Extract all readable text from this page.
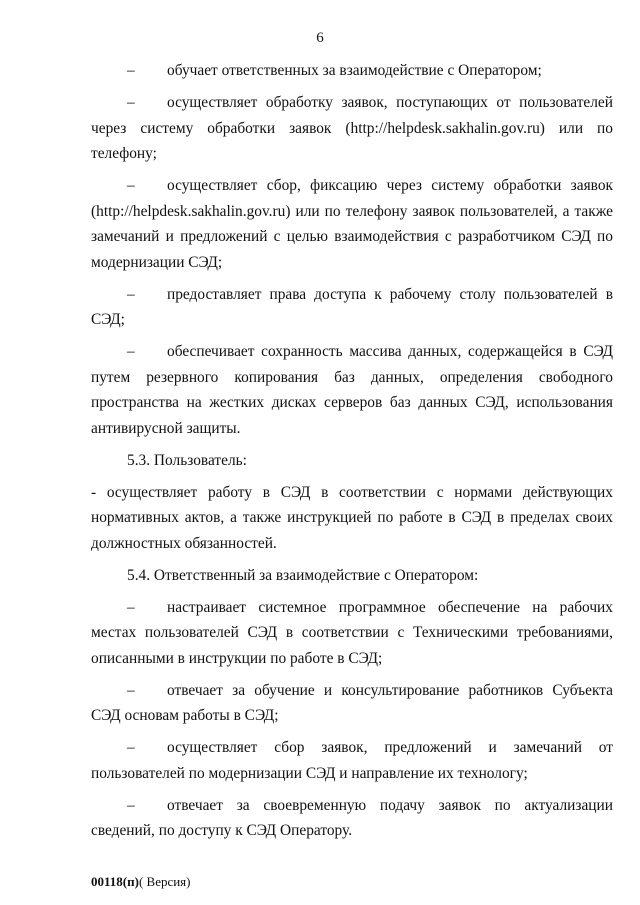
6

– обучает ответственных за взаимодействие с Оператором;

– осуществляет обработку заявок, поступающих от пользователей через систему обработки заявок (http://helpdesk.sakhalin.gov.ru) или по телефону;

– осуществляет сбор, фиксацию через систему обработки заявок (http://helpdesk.sakhalin.gov.ru) или по телефону заявок пользователей, а также замечаний и предложений с целью взаимодействия с разработчиком СЭД по модернизации СЭД;

– предоставляет права доступа к рабочему столу пользователей в СЭД;

– обеспечивает сохранность массива данных, содержащейся в СЭД путем резервного копирования баз данных, определения свободного пространства на жестких дисках серверов баз данных СЭД, использования антивирусной защиты.

5.3. Пользователь:

- осуществляет работу в СЭД в соответствии с нормами действующих нормативных актов, а также инструкцией по работе в СЭД в пределах своих должностных обязанностей.

5.4. Ответственный за взаимодействие с Оператором:

– настраивает системное программное обеспечение на рабочих местах пользователей СЭД в соответствии с Техническими требованиями, описанными в инструкции по работе в СЭД;

– отвечает за обучение и консультирование работников Субъекта СЭД основам работы в СЭД;

– осуществляет сбор заявок, предложений и замечаний от пользователей по модернизации СЭД и направление их технологу;

– отвечает за своевременную подачу заявок по актуализации сведений, по доступу к СЭД Оператору.

00118(п)( Версия)
